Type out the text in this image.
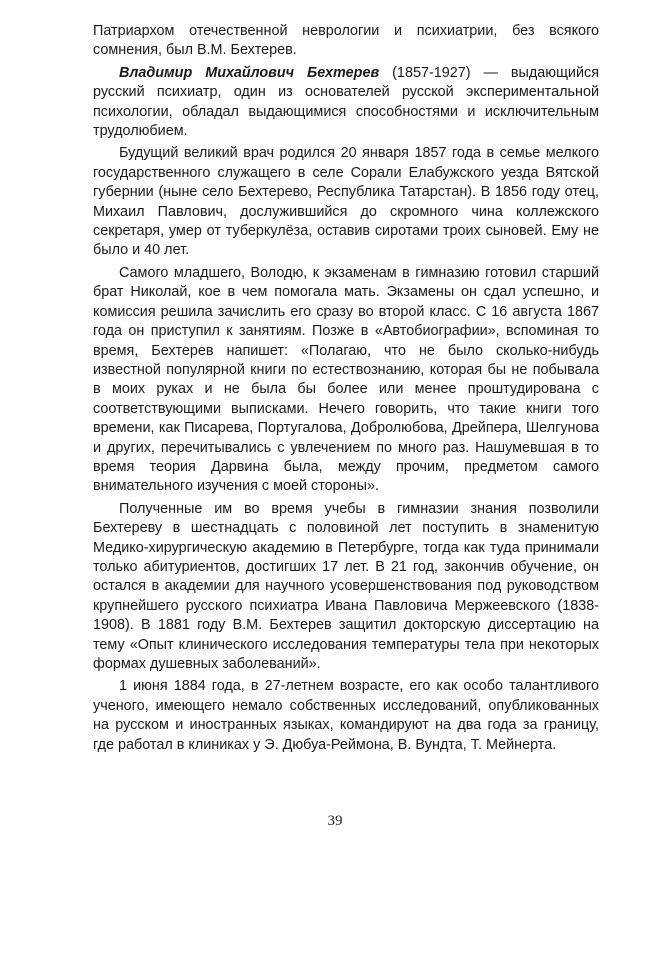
Патриархом отечественной неврологии и психиатрии, без всякого сомнения, был В.М. Бехтерев.

Владимир Михайлович Бехтерев (1857-1927) — выдающийся русский психиатр, один из основателей русской экспериментальной психологии, обладал выдающимися способностями и исключительным трудолюбием.

Будущий великий врач родился 20 января 1857 года в семье мелкого государственного служащего в селе Сорали Елабужского уезда Вятской губернии (ныне село Бехтерево, Республика Татарстан). В 1856 году отец, Михаил Павлович, дослужившийся до скромного чина коллежского секретаря, умер от туберкулёза, оставив сиротами троих сыновей. Ему не было и 40 лет.

Самого младшего, Володю, к экзаменам в гимназию готовил старший брат Николай, кое в чем помогала мать. Экзамены он сдал успешно, и комиссия решила зачислить его сразу во второй класс. С 16 августа 1867 года он приступил к занятиям. Позже в «Автобиографии», вспоминая то время, Бехтерев напишет: «Полагаю, что не было сколько-нибудь известной популярной книги по естествознанию, которая бы не побывала в моих руках и не была бы более или менее проштудирована с соответствующими выписками. Нечего говорить, что такие книги того времени, как Писарева, Португалова, Добролюбова, Дрейпера, Шелгунова и других, перечитывались с увлечением по много раз. Нашумевшая в то время теория Дарвина была, между прочим, предметом самого внимательного изучения с моей стороны».

Полученные им во время учебы в гимназии знания позволили Бехтереву в шестнадцать с половиной лет поступить в знаменитую Медико-хирургическую академию в Петербурге, тогда как туда принимали только абитуриентов, достигших 17 лет. В 21 год, закончив обучение, он остался в академии для научного усовершенствования под руководством крупнейшего русского психиатра Ивана Павловича Мержеевского (1838-1908). В 1881 году В.М. Бехтерев защитил докторскую диссертацию на тему «Опыт клинического исследования температуры тела при некоторых формах душевных заболеваний».

1 июня 1884 года, в 27-летнем возрасте, его как особо талантливого ученого, имеющего немало собственных исследований, опубликованных на русском и иностранных языках, командируют на два года за границу, где работал в клиниках у Э. Дюбуа-Реймона, В. Вундта, Т. Мейнерта.

39
